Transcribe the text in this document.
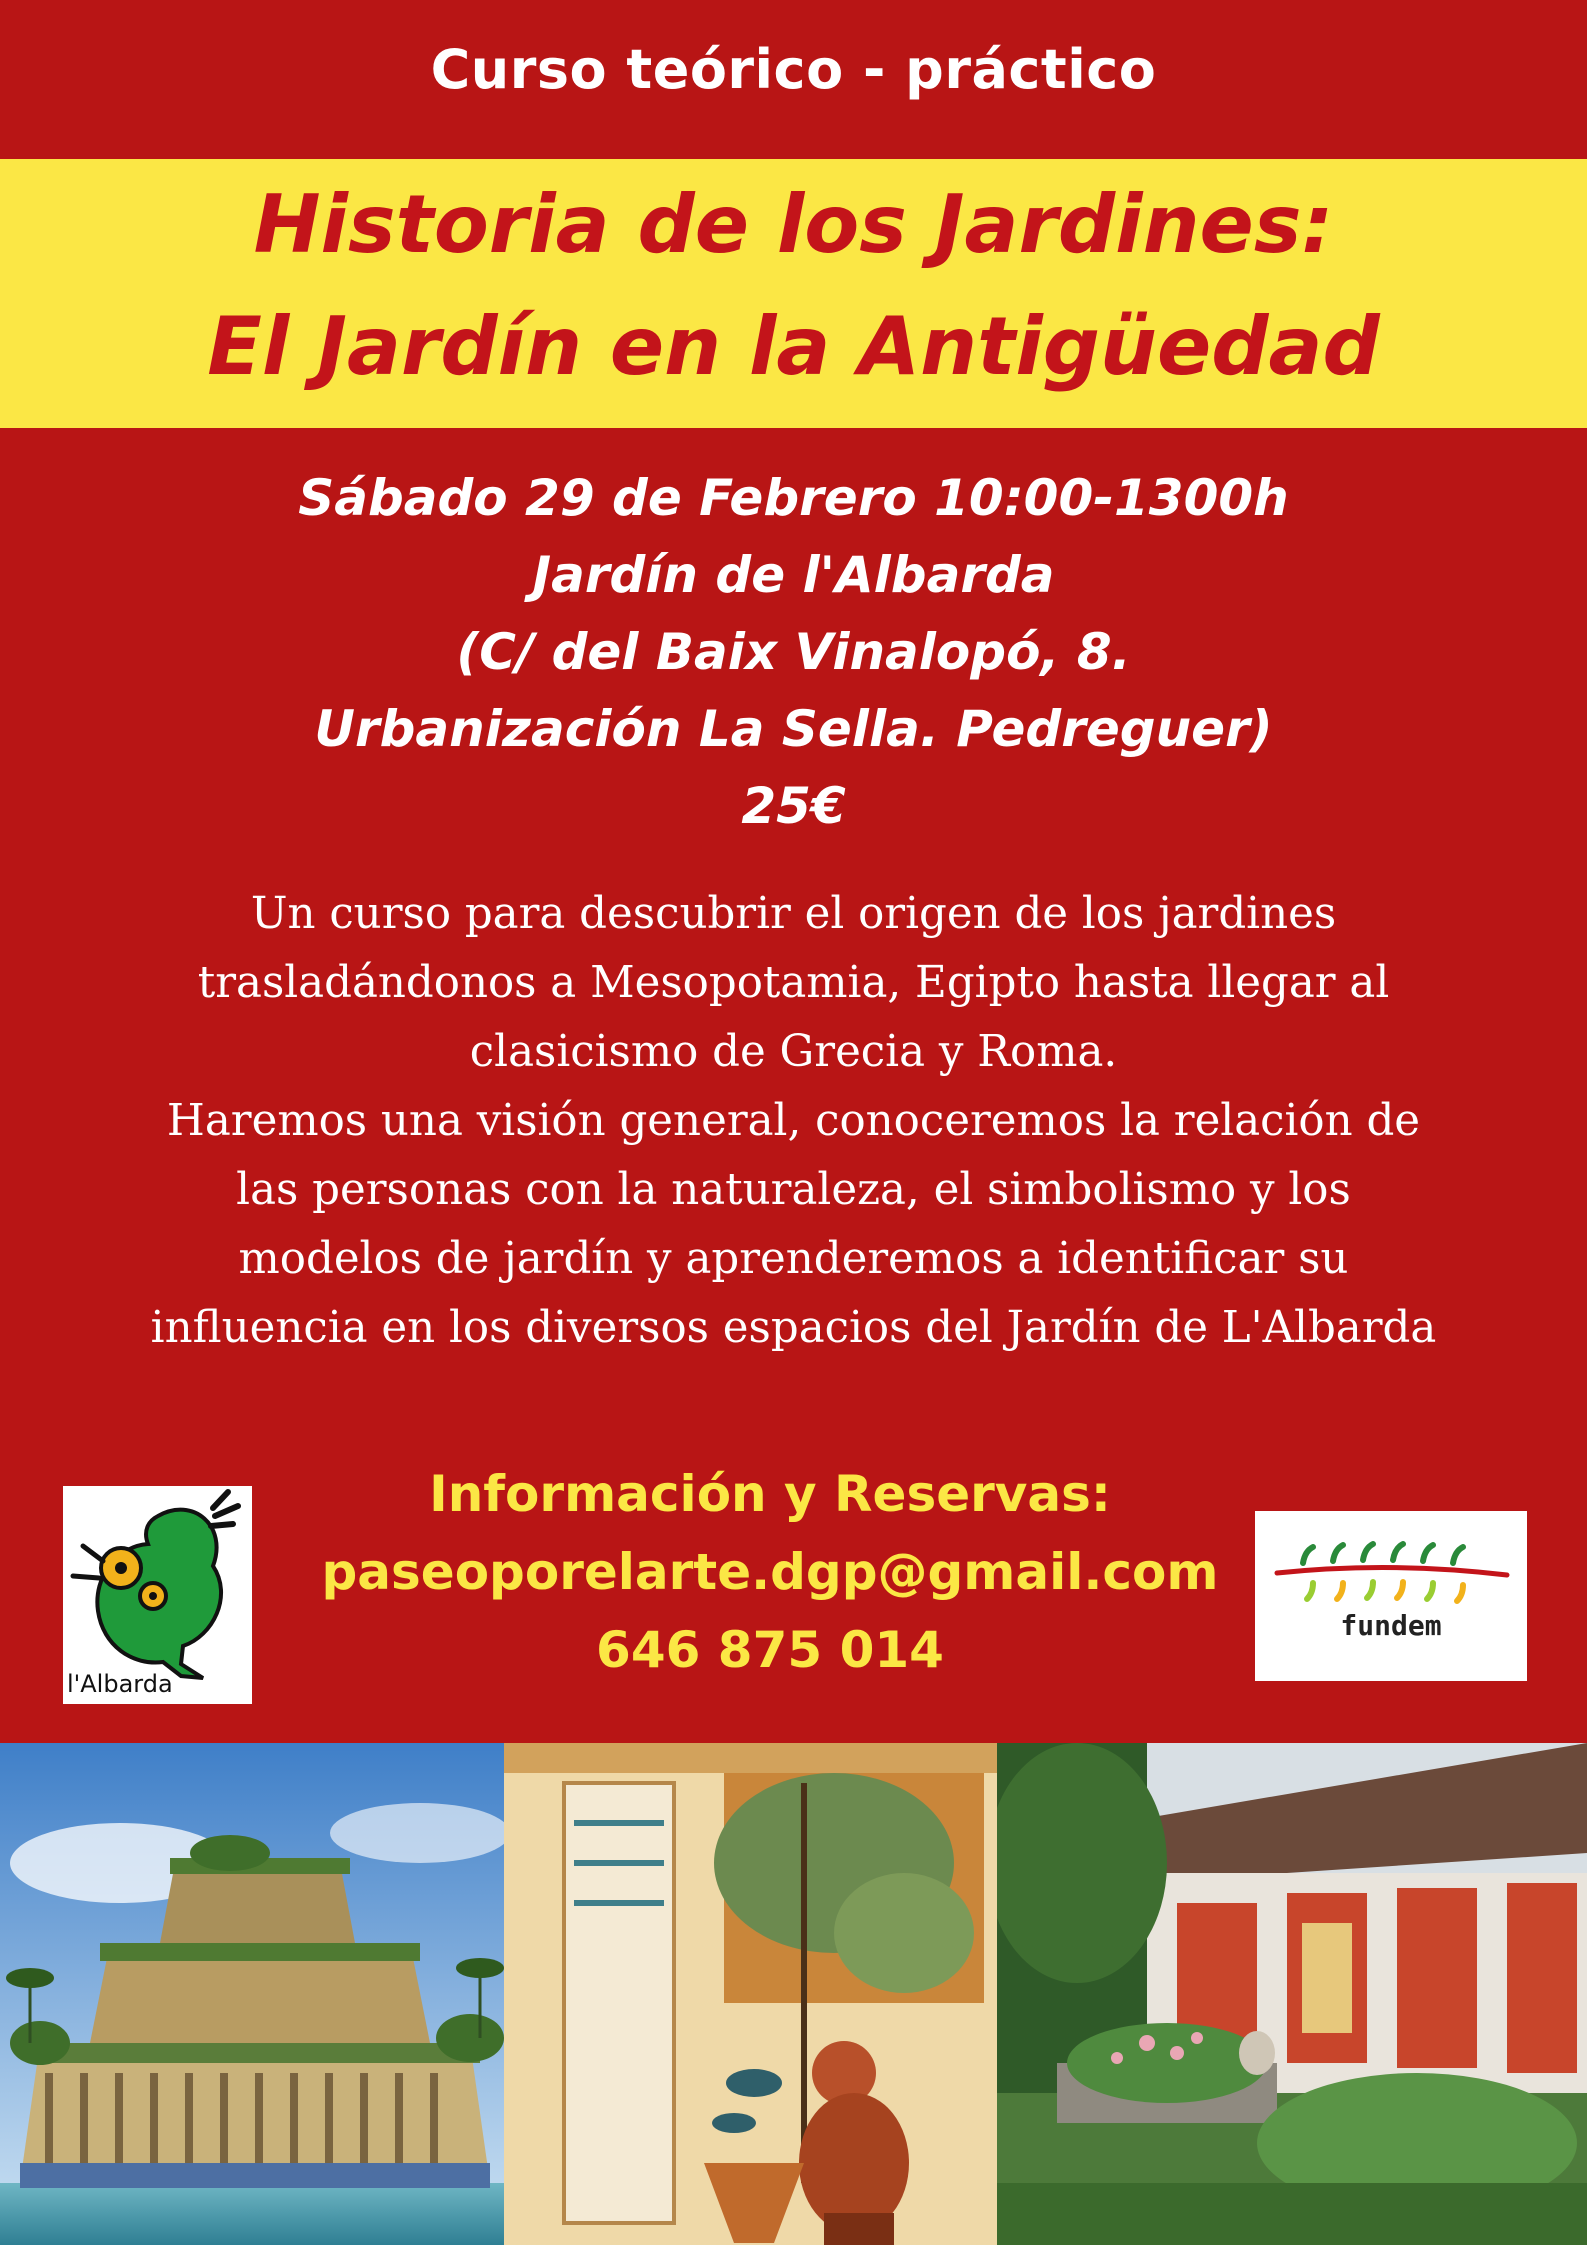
Curso teórico - práctico
Historia de los Jardines:
El Jardín en la Antigüedad
Sábado 29 de Febrero 10:00-1300h
Jardín de l'Albarda
(C/ del Baix Vinalopó, 8.
Urbanización La Sella. Pedreguer)
25€
Un curso para descubrir el origen de los jardines
trasladándonos a Mesopotamia, Egipto hasta llegar al
clasicismo de Grecia y Roma.
Haremos una visión general, conoceremos la relación de
las personas con la naturaleza, el simbolismo y los
modelos de jardín y aprenderemos a identificar su
influencia en los diversos espacios del Jardín de L'Albarda
l'Albarda
Información y Reservas:
paseoporelarte.dgp@gmail.com
646 875 014	fundem
